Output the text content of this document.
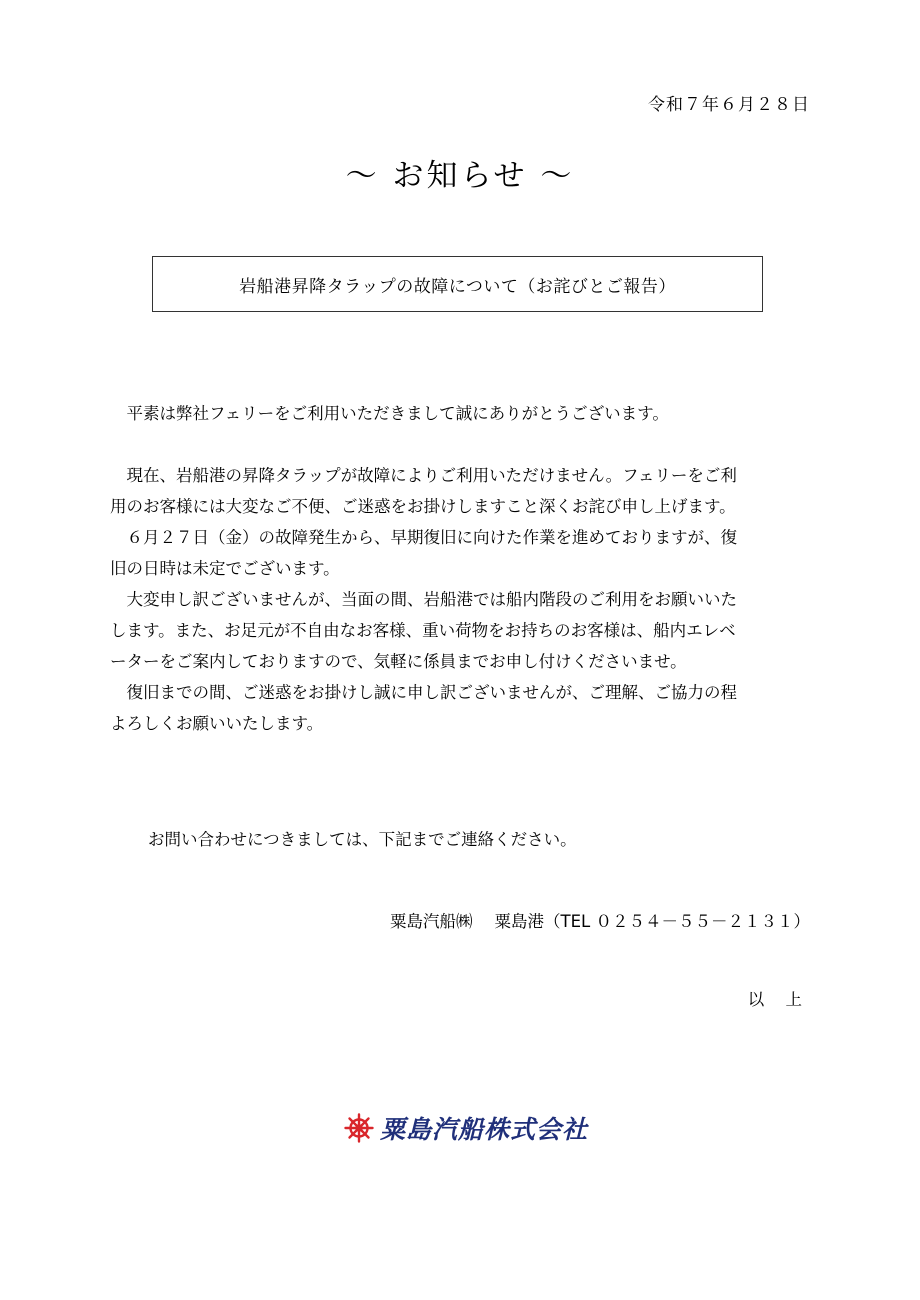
令和７年６月２８日
～ お知らせ ～
岩船港昇降タラップの故障について（お詫びとご報告）

　平素は弊社フェリーをご利用いただきまして誠にありがとうございます。

　現在、岩船港の昇降タラップが故障によりご利用いただけません。フェリーをご利

用のお客様には大変なご不便、ご迷惑をお掛けしますこと深くお詫び申し上げます。

　６月２７日（金）の故障発生から、早期復旧に向けた作業を進めておりますが、復

旧の日時は未定でございます。

　大変申し訳ございませんが、当面の間、岩船港では船内階段のご利用をお願いいた

します。また、お足元が不自由なお客様、重い荷物をお持ちのお客様は、船内エレベ

ーターをご案内しておりますので、気軽に係員までお申し付けくださいませ。

　復旧までの間、ご迷惑をお掛けし誠に申し訳ございませんが、ご理解、ご協力の程

よろしくお願いいたします。

お問い合わせにつきましては、下記までご連絡ください。
粟島汽船㈱ 粟島港（TEL ０２５４－５５－２１３１）
以 上
粟島汽船株式会社
